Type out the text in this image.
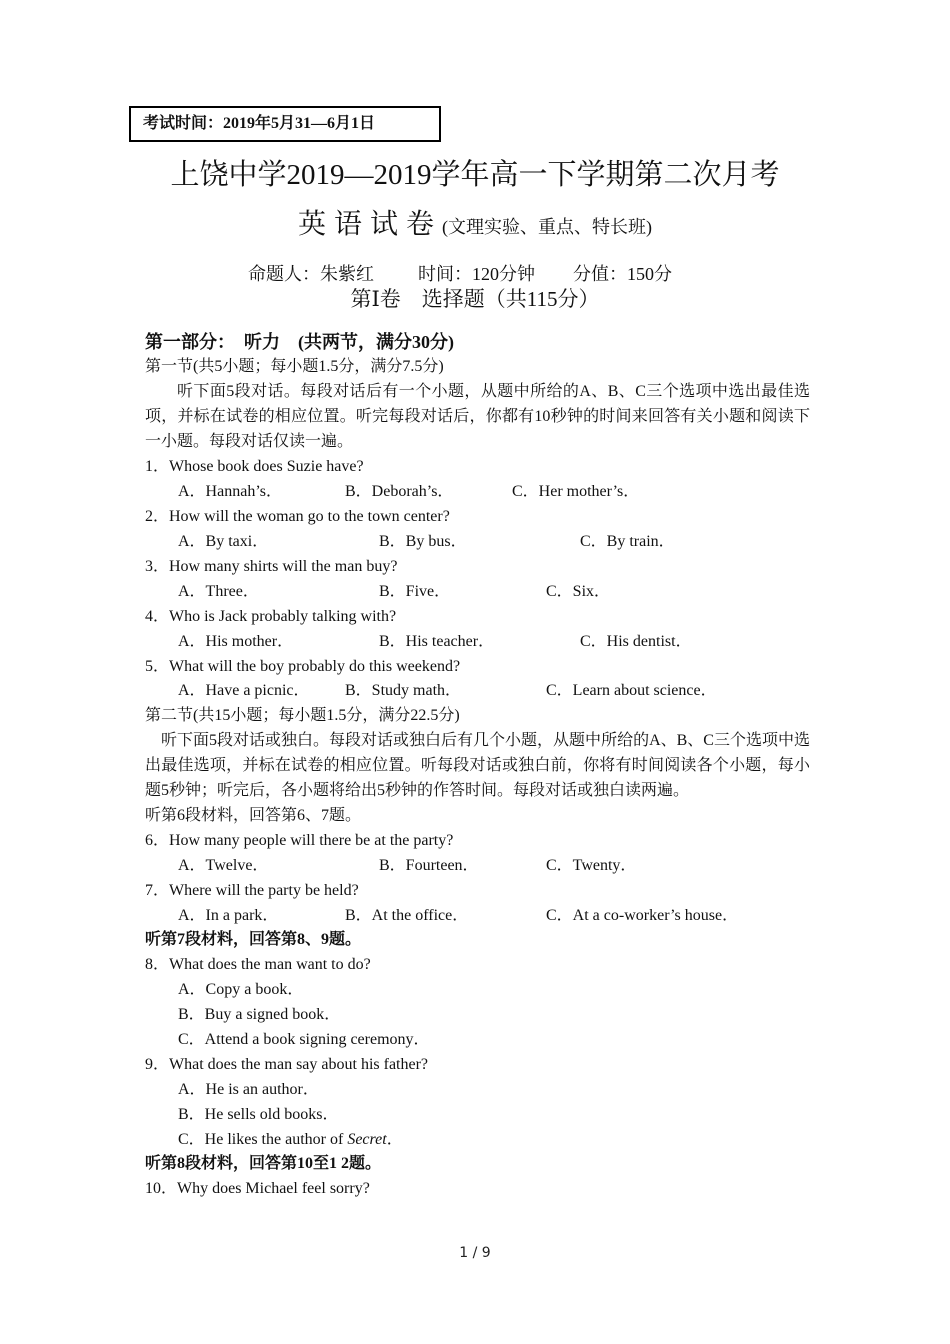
考试时间：2019年5月31—6月1日
上饶中学2019—2019学年高一下学期第二次月考
英语试卷(文理实验、重点、特长班)
命题人：朱紫红 时间：120分钟 分值：150分
第Ⅰ卷　选择题（共115分）
第一部分：　听力　(共两节，满分30分)
第一节(共5小题；每小题1.5分，满分7.5分)
听下面5段对话。每段对话后有一个小题，从题中所给的A、B、C三个选项中选出最佳选项，并标在试卷的相应位置。听完每段对话后，你都有10秒钟的时间来回答有关小题和阅读下一小题。每段对话仅读一遍。
1．Whose book does Suzie have?
A．Hannah’s．	B．Deborah’s．	C．Her mother’s．
2．How will the woman go to the town center?
A．By taxi．	B．By bus．	C．By train．
3．How many shirts will the man buy?
A．Three．	B．Five．	C．Six．
4．Who is Jack probably talking with?
A．His mother．	B．His teacher．	C．His dentist．
5．What will the boy probably do this weekend?
A．Have a picnic． B．Study math．	C．Learn about science．
第二节(共15小题；每小题1.5分，满分22.5分)
听下面5段对话或独白。每段对话或独白后有几个小题，从题中所给的A、B、C三个选项中选出最佳选项，并标在试卷的相应位置。听每段对话或独白前，你将有时间阅读各个小题，每小题5秒钟；听完后，各小题将给出5秒钟的作答时间。每段对话或独白读两遍。
听第6段材料，回答第6、7题。
6．How many people will there be at the party?
A．Twelve．	B．Fourteen．	C．Twenty．
7．Where will the party be held?
A．In a park．	B．At the office．	C．At a co-worker’s house．
听第7段材料，回答第8、9题。
8．What does the man want to do?
A．Copy a book．
B．Buy a signed book．
C．Attend a book signing ceremony．
9．What does the man say about his father?
A．He is an author．
B．He sells old books．
C．He likes the author of Secret．
听第8段材料，回答第10至1 2题。
10．Why does Michael feel sorry?
1 / 9
